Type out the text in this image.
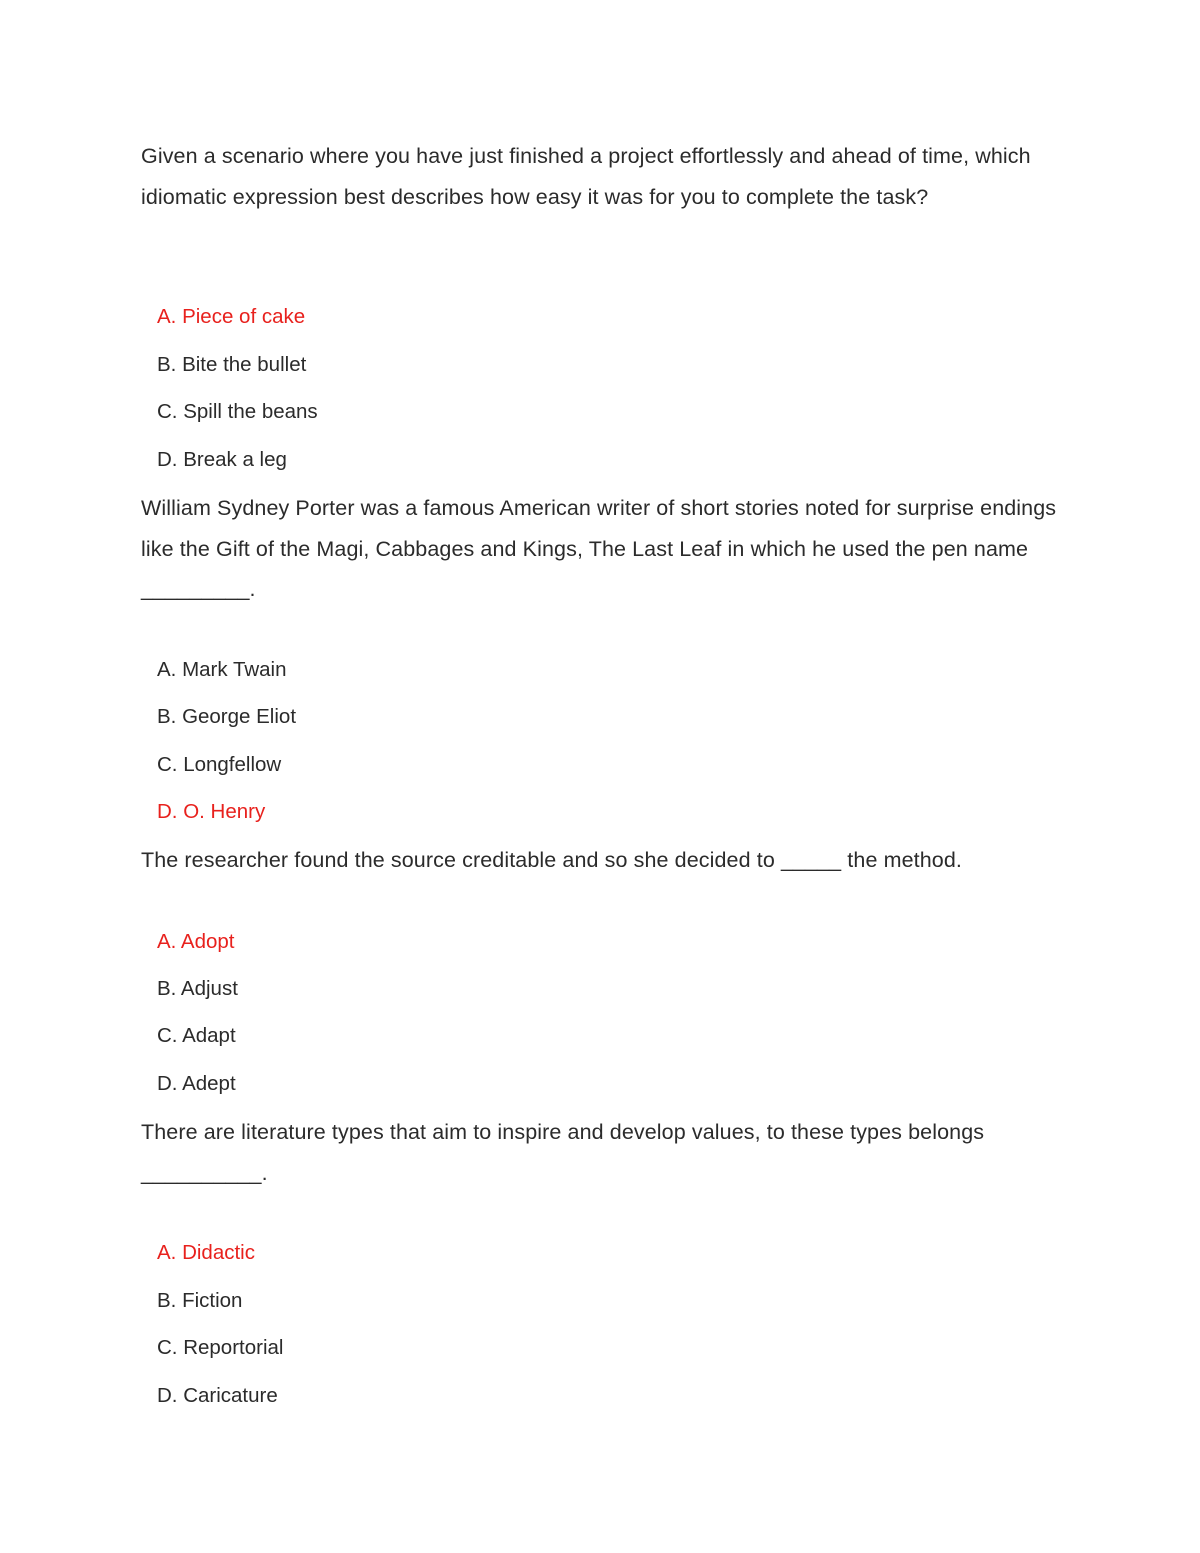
Given a scenario where you have just finished a project effortlessly and ahead of time, which idiomatic expression best describes how easy it was for you to complete the task?

A. Piece of cake

B. Bite the bullet

C. Spill the beans

D. Break a leg

William Sydney Porter was a famous American writer of short stories noted for surprise endings like the Gift of the Magi, Cabbages and Kings, The Last Leaf in which he used the pen name _________.

A. Mark Twain

B. George Eliot

C. Longfellow

D. O. Henry

The researcher found the source creditable and so she decided to _____ the method.

A. Adopt

B. Adjust

C. Adapt

D. Adept

There are literature types that aim to inspire and develop values, to these types belongs __________.

A. Didactic

B. Fiction

C. Reportorial

D. Caricature
